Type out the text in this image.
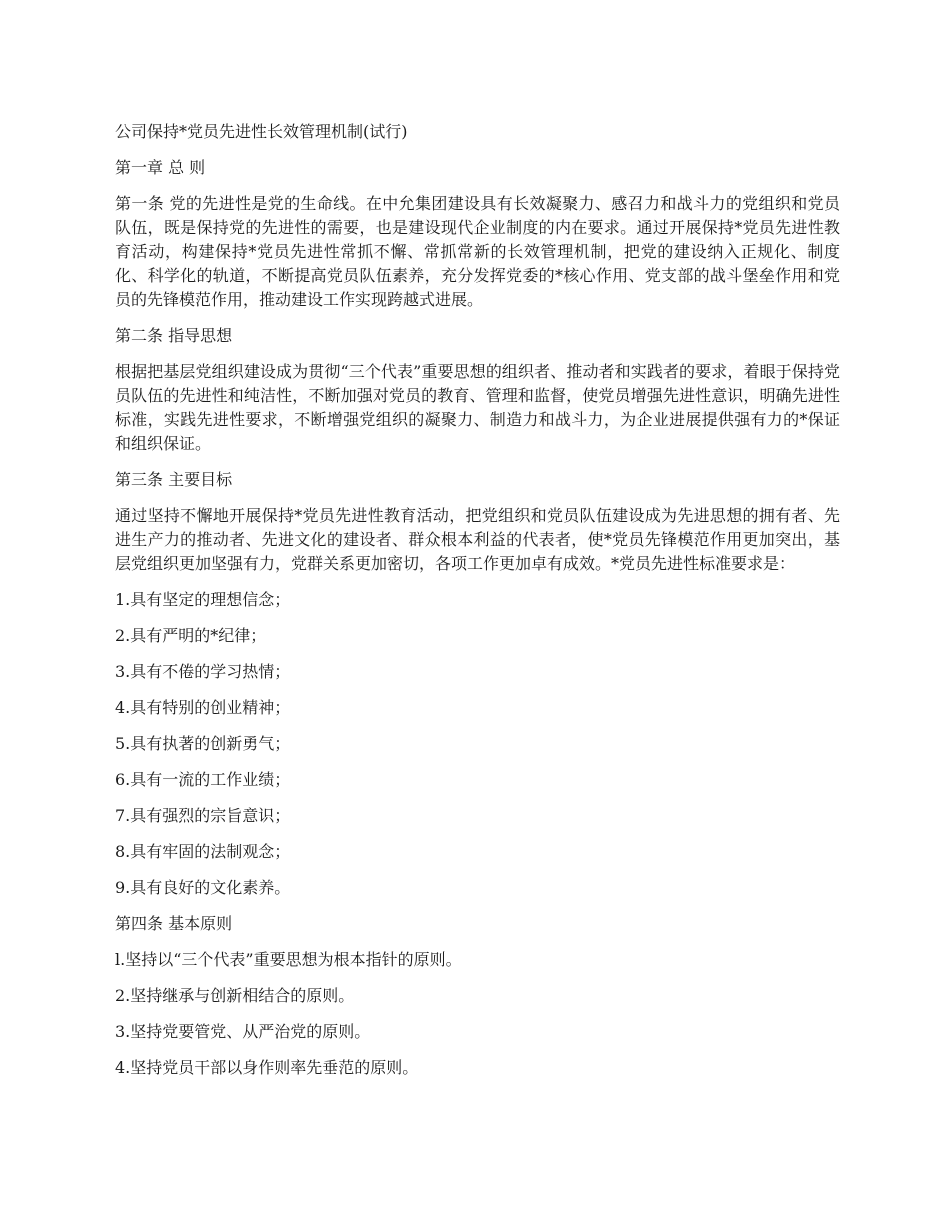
公司保持*党员先进性长效管理机制(试行)

第一章 总 则

第一条 党的先进性是党的生命线。在中允集团建设具有长效凝聚力、感召力和战斗力的党组织和党员队伍，既是保持党的先进性的需要，也是建设现代企业制度的内在要求。通过开展保持*党员先进性教育活动，构建保持*党员先进性常抓不懈、常抓常新的长效管理机制，把党的建设纳入正规化、制度化、科学化的轨道，不断提高党员队伍素养，充分发挥党委的*核心作用、党支部的战斗堡垒作用和党员的先锋模范作用，推动建设工作实现跨越式进展。

第二条 指导思想

根据把基层党组织建设成为贯彻“三个代表”重要思想的组织者、推动者和实践者的要求，着眼于保持党员队伍的先进性和纯洁性，不断加强对党员的教育、管理和监督，使党员增强先进性意识，明确先进性标准，实践先进性要求，不断增强党组织的凝聚力、制造力和战斗力，为企业进展提供强有力的*保证和组织保证。

第三条 主要目标

通过坚持不懈地开展保持*党员先进性教育活动，把党组织和党员队伍建设成为先进思想的拥有者、先进生产力的推动者、先进文化的建设者、群众根本利益的代表者，使*党员先锋模范作用更加突出，基层党组织更加坚强有力，党群关系更加密切，各项工作更加卓有成效。*党员先进性标准要求是：

1.具有坚定的理想信念；

2.具有严明的*纪律；

3.具有不倦的学习热情；

4.具有特别的创业精神；

5.具有执著的创新勇气；

6.具有一流的工作业绩；

7.具有强烈的宗旨意识；

8.具有牢固的法制观念；

9.具有良好的文化素养。

第四条 基本原则

l.坚持以“三个代表”重要思想为根本指针的原则。

2.坚持继承与创新相结合的原则。

3.坚持党要管党、从严治党的原则。

4.坚持党员干部以身作则率先垂范的原则。
